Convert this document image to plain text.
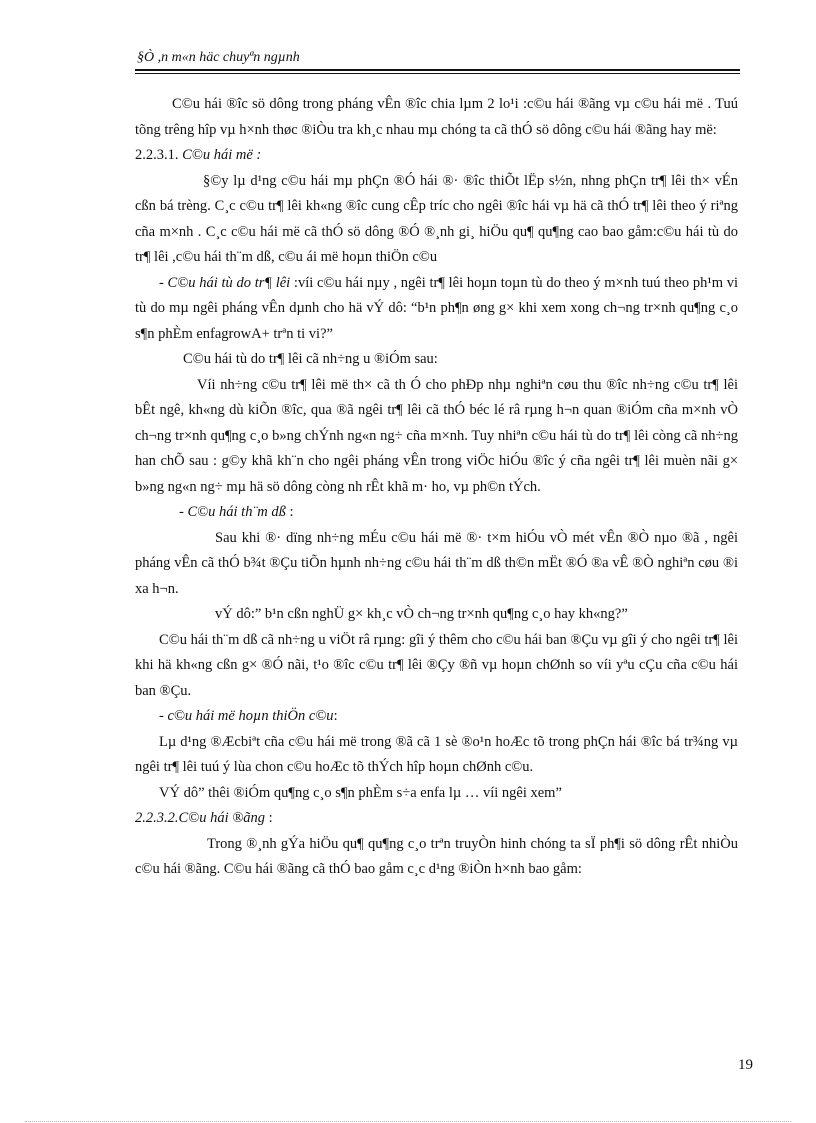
§Ò ,n m«n häc chuyªn ngµnh

C©u hái ®îc sö dông trong pháng vÊn ®îc chia lµm 2 lo¹i :c©u hái ®ãng vµ c©u hái më . Tuú tõng trêng hîp vµ h×nh thøc ®iÒu tra kh¸c nhau mµ chóng ta cã thÓ sö dông c©u hái ®ãng hay më:

2.2.3.1. C©u hái më :

§©y lµ d¹ng c©u hái mµ phÇn ®Ó hái ®· ®îc thiÕt lËp s½n, nhng phÇn tr¶ lêi th× vÉn cßn bá trèng. C¸c c©u tr¶ lêi kh«ng ®îc cung cÊp tríc cho ngêi ®îc hái vµ hä cã thÓ tr¶ lêi theo ý riªng cña m×nh . C¸c c©u hái më cã thÓ sö dông ®Ó ®¸nh gi¸ hiÖu qu¶ qu¶ng cao bao gåm:c©u hái tù do tr¶ lêi ,c©u hái th¨m dß, c©u ái më hoµn thiÖn c©u

- C©u hái tù do tr¶ lêi :víi c©u hái nµy , ngêi tr¶ lêi hoµn toµn tù do theo ý m×nh tuú theo ph¹m vi tù do mµ ngêi pháng vÊn dµnh cho hä vÝ dô: “b¹n ph¶n øng g× khi xem xong ch¬ng tr×nh qu¶ng c¸o s¶n phÈm enfagrowA+ trªn ti vi?”

C©u hái tù do tr¶ lêi cã nh÷ng u ®iÓm sau:

Víi nh÷ng c©u tr¶ lêi më th× cã th Ó cho phÐp nhµ nghiªn cøu thu ®îc nh÷ng c©u tr¶ lêi bÊt ngê, kh«ng dù kiÕn ®îc, qua ®ã ngêi tr¶ lêi cã thÓ béc lé râ rµng h¬n quan ®iÓm cña m×nh vÒ ch¬ng tr×nh qu¶ng c¸o b»ng chÝnh ng«n ng÷ cña m×nh. Tuy nhiªn c©u hái tù do tr¶ lêi còng cã nh÷ng han chÕ sau : g©y khã kh¨n cho ngêi pháng vÊn trong viÖc hiÓu ®îc ý cña ngêi tr¶ lêi muèn nãi g× b»ng ng«n ng÷ mµ hä sö dông còng nh rÊt khã m· ho, vµ ph©n tÝch.

- C©u hái th¨m dß :

Sau khi ®· dïng nh÷ng mÉu c©u hái më ®· t×m hiÓu vÒ mét vÊn ®Ò nµo ®ã , ngêi pháng vÊn cã thÓ b¾t ®Çu tiÕn hµnh nh÷ng c©u hái th¨m dß th©n mËt ®Ó ®a vÊ ®Ò nghiªn cøu ®i xa h¬n.

vÝ dô:” b¹n cßn nghÜ g× kh¸c vÒ ch¬ng tr×nh qu¶ng c¸o hay kh«ng?”

C©u hái th¨m dß cã nh÷ng u viÖt râ rµng: gîi ý thêm cho c©u hái ban ®Çu vµ gîi ý cho ngêi tr¶ lêi khi hä kh«ng cßn g× ®Ó nãi, t¹o ®îc c©u tr¶ lêi ®Çy ®ñ vµ hoµn chØnh so víi yªu cÇu cña c©u hái ban ®Çu.

- c©u hái më hoµn thiÖn c©u:

Lµ d¹ng ®Æcbiªt cña c©u hái më trong ®ã cã 1 sè ®o¹n hoÆc tõ trong phÇn hái ®îc bá tr¾ng vµ ngêi tr¶ lêi tuú ý lùa chon c©u hoÆc tõ thÝch hîp hoµn chØnh c©u.

VÝ dô” thêi ®iÓm qu¶ng c¸o s¶n phÈm s÷a enfa lµ … víi ngêi xem”

2.2.3.2.C©u hái ®ãng :

Trong ®¸nh gÝa hiÖu qu¶ qu¶ng c¸o trªn truyÒn hinh chóng ta sÏ ph¶i sö dông rÊt nhiÒu c©u hái ®ãng. C©u hái ®ãng cã thÓ bao gåm c¸c d¹ng ®iÒn h×nh bao gåm:

19
